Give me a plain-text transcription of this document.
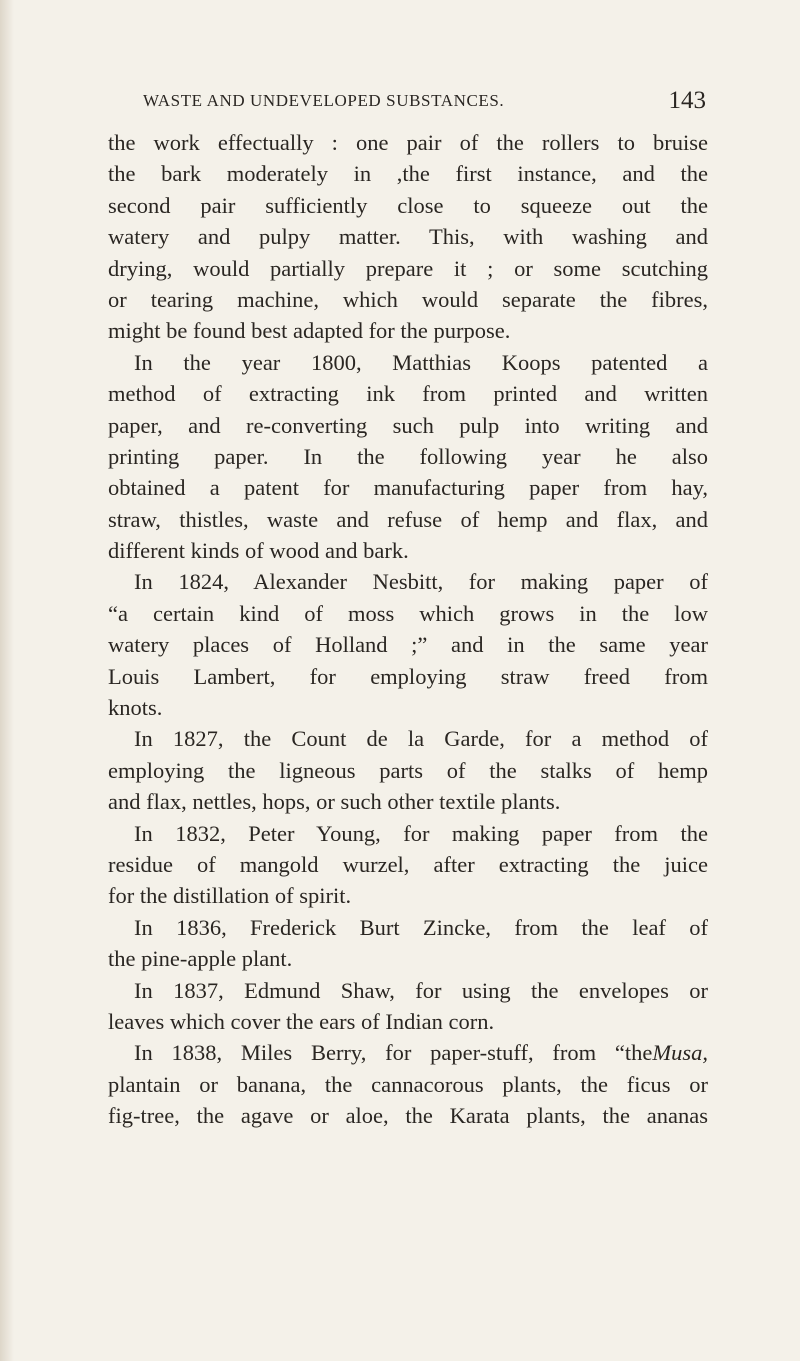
WASTE AND UNDEVELOPED SUBSTANCES.	143
the work effectually : one pair of the rollers to bruise
the bark moderately in ,the first instance, and the
second pair sufficiently close to squeeze out the
watery and pulpy matter. This, with washing and
drying, would partially prepare it ; or some scutching
or tearing machine, which would separate the fibres,
might be found best adapted for the purpose.
In the year 1800, Matthias Koops patented a
method of extracting ink from printed and written
paper, and re-converting such pulp into writing and
printing paper. In the following year he also
obtained a patent for manufacturing paper from hay,
straw, thistles, waste and refuse of hemp and flax, and
different kinds of wood and bark.
In 1824, Alexander Nesbitt, for making paper of
“a certain kind of moss which grows in the low
watery places of Holland ;” and in the same year
Louis Lambert, for employing straw freed from
knots.
In 1827, the Count de la Garde, for a method of
employing the ligneous parts of the stalks of hemp
and flax, nettles, hops, or such other textile plants.
In 1832, Peter Young, for making paper from the
residue of mangold wurzel, after extracting the juice
for the distillation of spirit.
In 1836, Frederick Burt Zincke, from the leaf of
the pine-apple plant.
In 1837, Edmund Shaw, for using the envelopes or
leaves which cover the ears of Indian corn.
In 1838, Miles Berry, for paper-stuff, from “theMusa,
plantain or banana, the cannacorous plants, the ficus or
fig-tree, the agave or aloe, the Karata plants, the ananas
